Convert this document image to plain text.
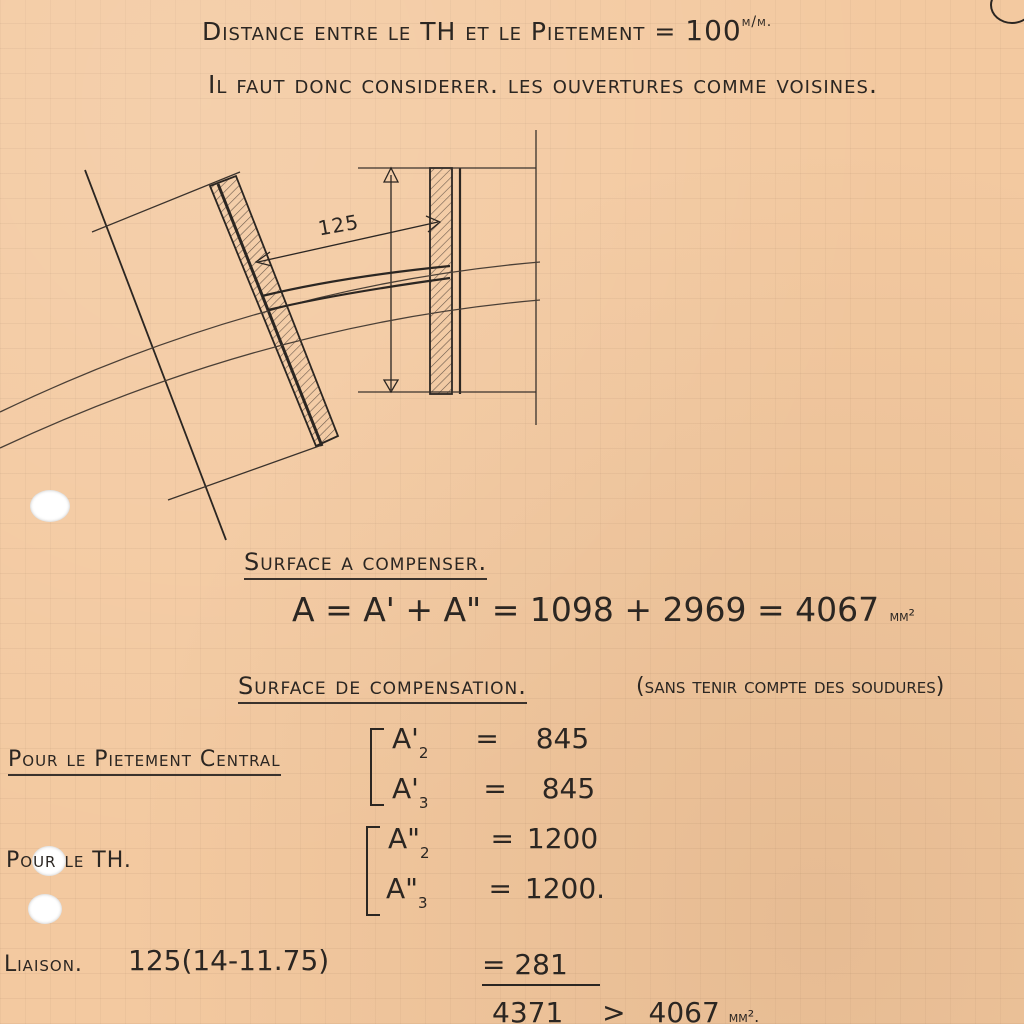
Distance entre le TH et le Pietement = $100^{m/m.}$
Il faut donc considerer. les ouvertures comme voisines.
125
Surface a compenser.
A = A' + A" = 1098 + 2969 = 4067 mm²
Surface de compensation.	(sans tenir compte des soudures)
Pour le Pietement Central
$A'_2 = 845$
$A'_3 = 845$
Pour le TH.
$A"_2 = 1200$
$A"_3 = 1200$.
Liaison. 125(14-11.75)	= 281
4371 > 4067 mm².
